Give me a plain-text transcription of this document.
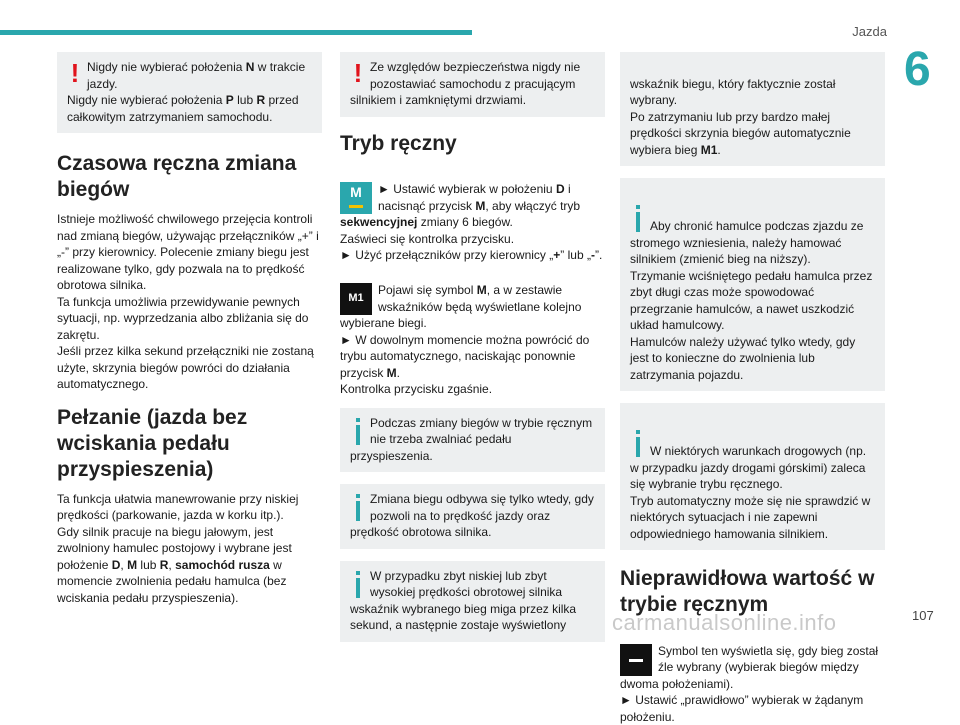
Jazda
6
! Nigdy nie wybierać położenia N w trakcie jazdy.
Nigdy nie wybierać położenia P lub R przed całkowitym zatrzymaniem samochodu.
Czasowa ręczna zmiana biegów
Istnieje możliwość chwilowego przejęcia kontroli nad zmianą biegów, używając przełączników „+” i „-” przy kierownicy. Polecenie zmiany biegu jest realizowane tylko, gdy pozwala na to prędkość obrotowa silnika.
Ta funkcja umożliwia przewidywanie pewnych sytuacji, np. wyprzedzania albo zbliżania się do zakrętu.
Jeśli przez kilka sekund przełączniki nie zostaną użyte, skrzynia biegów powróci do działania automatycznego.
Pełzanie (jazda bez wciskania pedału przyspieszenia)
Ta funkcja ułatwia manewrowanie przy niskiej prędkości (parkowanie, jazda w korku itp.).
Gdy silnik pracuje na biegu jałowym, jest zwolniony hamulec postojowy i wybrane jest położenie D, M lub R, samochód rusza w momencie zwolnienia pedału hamulca (bez wciskania pedału przyspieszenia).
! Ze względów bezpieczeństwa nigdy nie pozostawiać samochodu z pracującym silnikiem i zamkniętymi drzwiami.
Tryb ręczny

M	► Ustawić wybierak w położeniu D i nacisnąć przycisk M, aby włączyć tryb sekwencyjnej zmiany 6 biegów.
Zaświeci się kontrolka przycisku.
► Użyć przełączników przy kierownicy „+” lub „-”.

M1
Pojawi się symbol M, a w zestawie wskaźników będą wyświetlane kolejno wybierane biegi.
► W dowolnym momencie można powrócić do trybu automatycznego, naciskając ponownie przycisk M.
Kontrolka przycisku zgaśnie.

Podczas zmiany biegów w trybie ręcznym nie trzeba zwalniać pedału przyspieszenia.
Zmiana biegu odbywa się tylko wtedy, gdy pozwoli na to prędkość jazdy oraz prędkość obrotowa silnika.
W przypadku zbyt niskiej lub zbyt wysokiej prędkości obrotowej silnika wskaźnik wybranego bieg miga przez kilka sekund, a następnie zostaje wyświetlony

wskaźnik biegu, który faktycznie został wybrany.
Po zatrzymaniu lub przy bardzo małej prędkości skrzynia biegów automatycznie wybiera bieg M1.

Aby chronić hamulce podczas zjazdu ze stromego wzniesienia, należy hamować silnikiem (zmienić bieg na niższy).
Trzymanie wciśniętego pedału hamulca przez zbyt długi czas może spowodować przegrzanie hamulców, a nawet uszkodzić układ hamulcowy.
Hamulców należy używać tylko wtedy, gdy jest to konieczne do zwolnienia lub zatrzymania pojazdu.

W niektórych warunkach drogowych (np. w przypadku jazdy drogami górskimi) zaleca się wybranie trybu ręcznego.
Tryb automatyczny może się nie sprawdzić w niektórych sytuacjach i nie zapewni odpowiedniego hamowania silnikiem.

Nieprawidłowa wartość w trybie ręcznym

Symbol ten wyświetla się, gdy bieg został źle wybrany (wybierak biegów między dwoma położeniami).
► Ustawić „prawidłowo” wybierak w żądanym położeniu.

carmanualsonline.info	107
